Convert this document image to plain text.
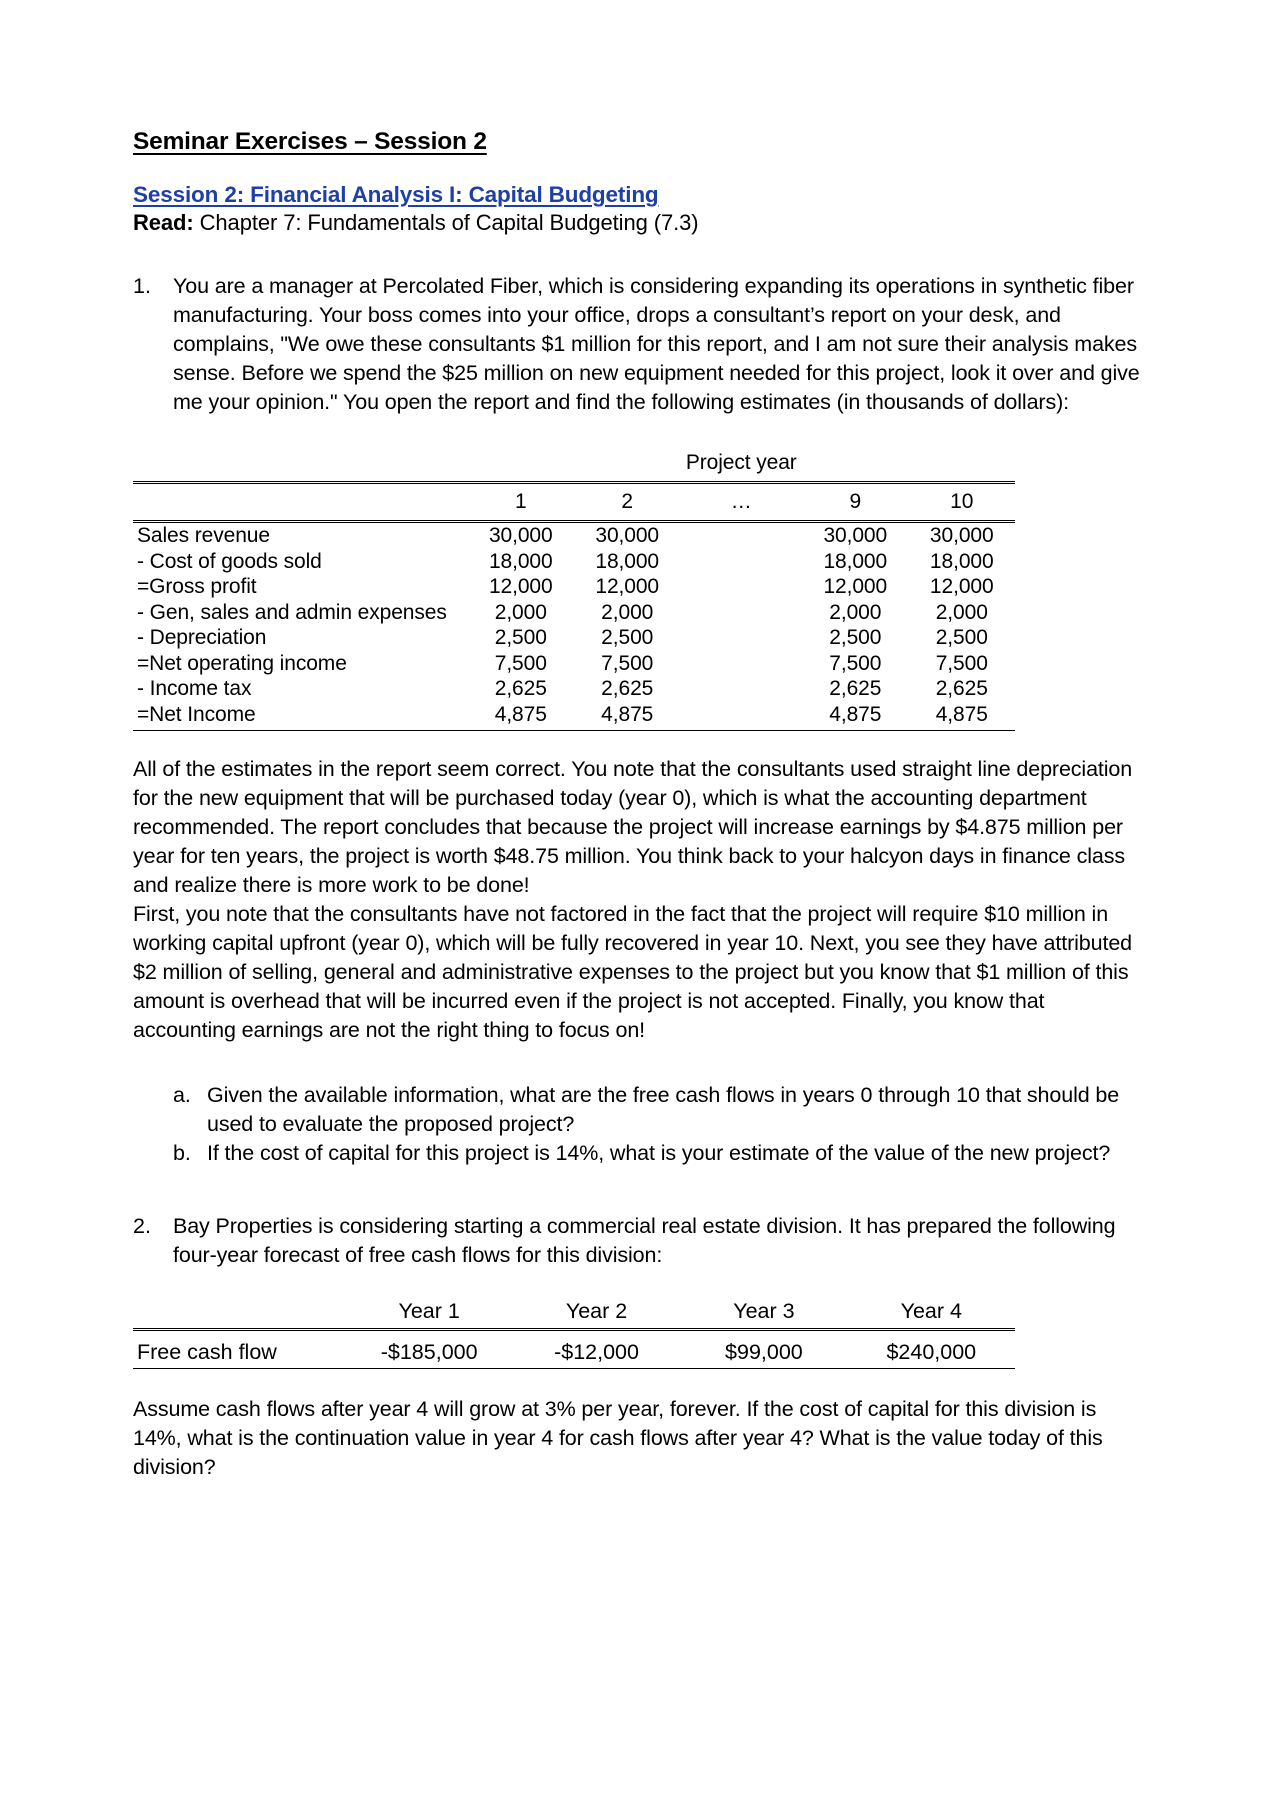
Seminar Exercises – Session 2
Session 2: Financial Analysis I: Capital Budgeting
Read: Chapter 7: Fundamentals of Capital Budgeting (7.3)
1.	You are a manager at Percolated Fiber, which is considering expanding its operations in synthetic fiber manufacturing. Your boss comes into your office, drops a consultant’s report on your desk, and complains, "We owe these consultants $1 million for this report, and I am not sure their analysis makes sense. Before we spend the $25 million on new equipment needed for this project, look it over and give me your opinion." You open the report and find the following estimates (in thousands of dollars):
	Project year				

	1	2	…	9	10

Sales revenue	30,000	30,000		30,000	30,000
- Cost of goods sold	18,000	18,000		18,000	18,000
=Gross profit	12,000	12,000		12,000	12,000
- Gen, sales and admin expenses	2,000	2,000		2,000	2,000
- Depreciation	2,500	2,500		2,500	2,500
=Net operating income	7,500	7,500		7,500	7,500
- Income tax	2,625	2,625		2,625	2,625
=Net Income	4,875	4,875		4,875	4,875

All of the estimates in the report seem correct. You note that the consultants used straight line depreciation for the new equipment that will be purchased today (year 0), which is what the accounting department recommended. The report concludes that because the project will increase earnings by $4.875 million per year for ten years, the project is worth $48.75 million. You think back to your halcyon days in finance class and realize there is more work to be done!

First, you note that the consultants have not factored in the fact that the project will require $10 million in working capital upfront (year 0), which will be fully recovered in year 10. Next, you see they have attributed $2 million of selling, general and administrative expenses to the project but you know that $1 million of this amount is overhead that will be incurred even if the project is not accepted. Finally, you know that accounting earnings are not the right thing to focus on!

a. Given the available information, what are the free cash flows in years 0 through 10 that should be used to evaluate the proposed project?
b. If the cost of capital for this project is 14%, what is your estimate of the value of the new project?
2.	Bay Properties is considering starting a commercial real estate division. It has prepared the following four-year forecast of free cash flows for this division:
	Year 1	Year 2	Year 3	Year 4

Free cash flow	-$185,000	-$12,000	$99,000	$240,000

Assume cash flows after year 4 will grow at 3% per year, forever. If the cost of capital for this division is 14%, what is the continuation value in year 4 for cash flows after year 4? What is the value today of this division?
